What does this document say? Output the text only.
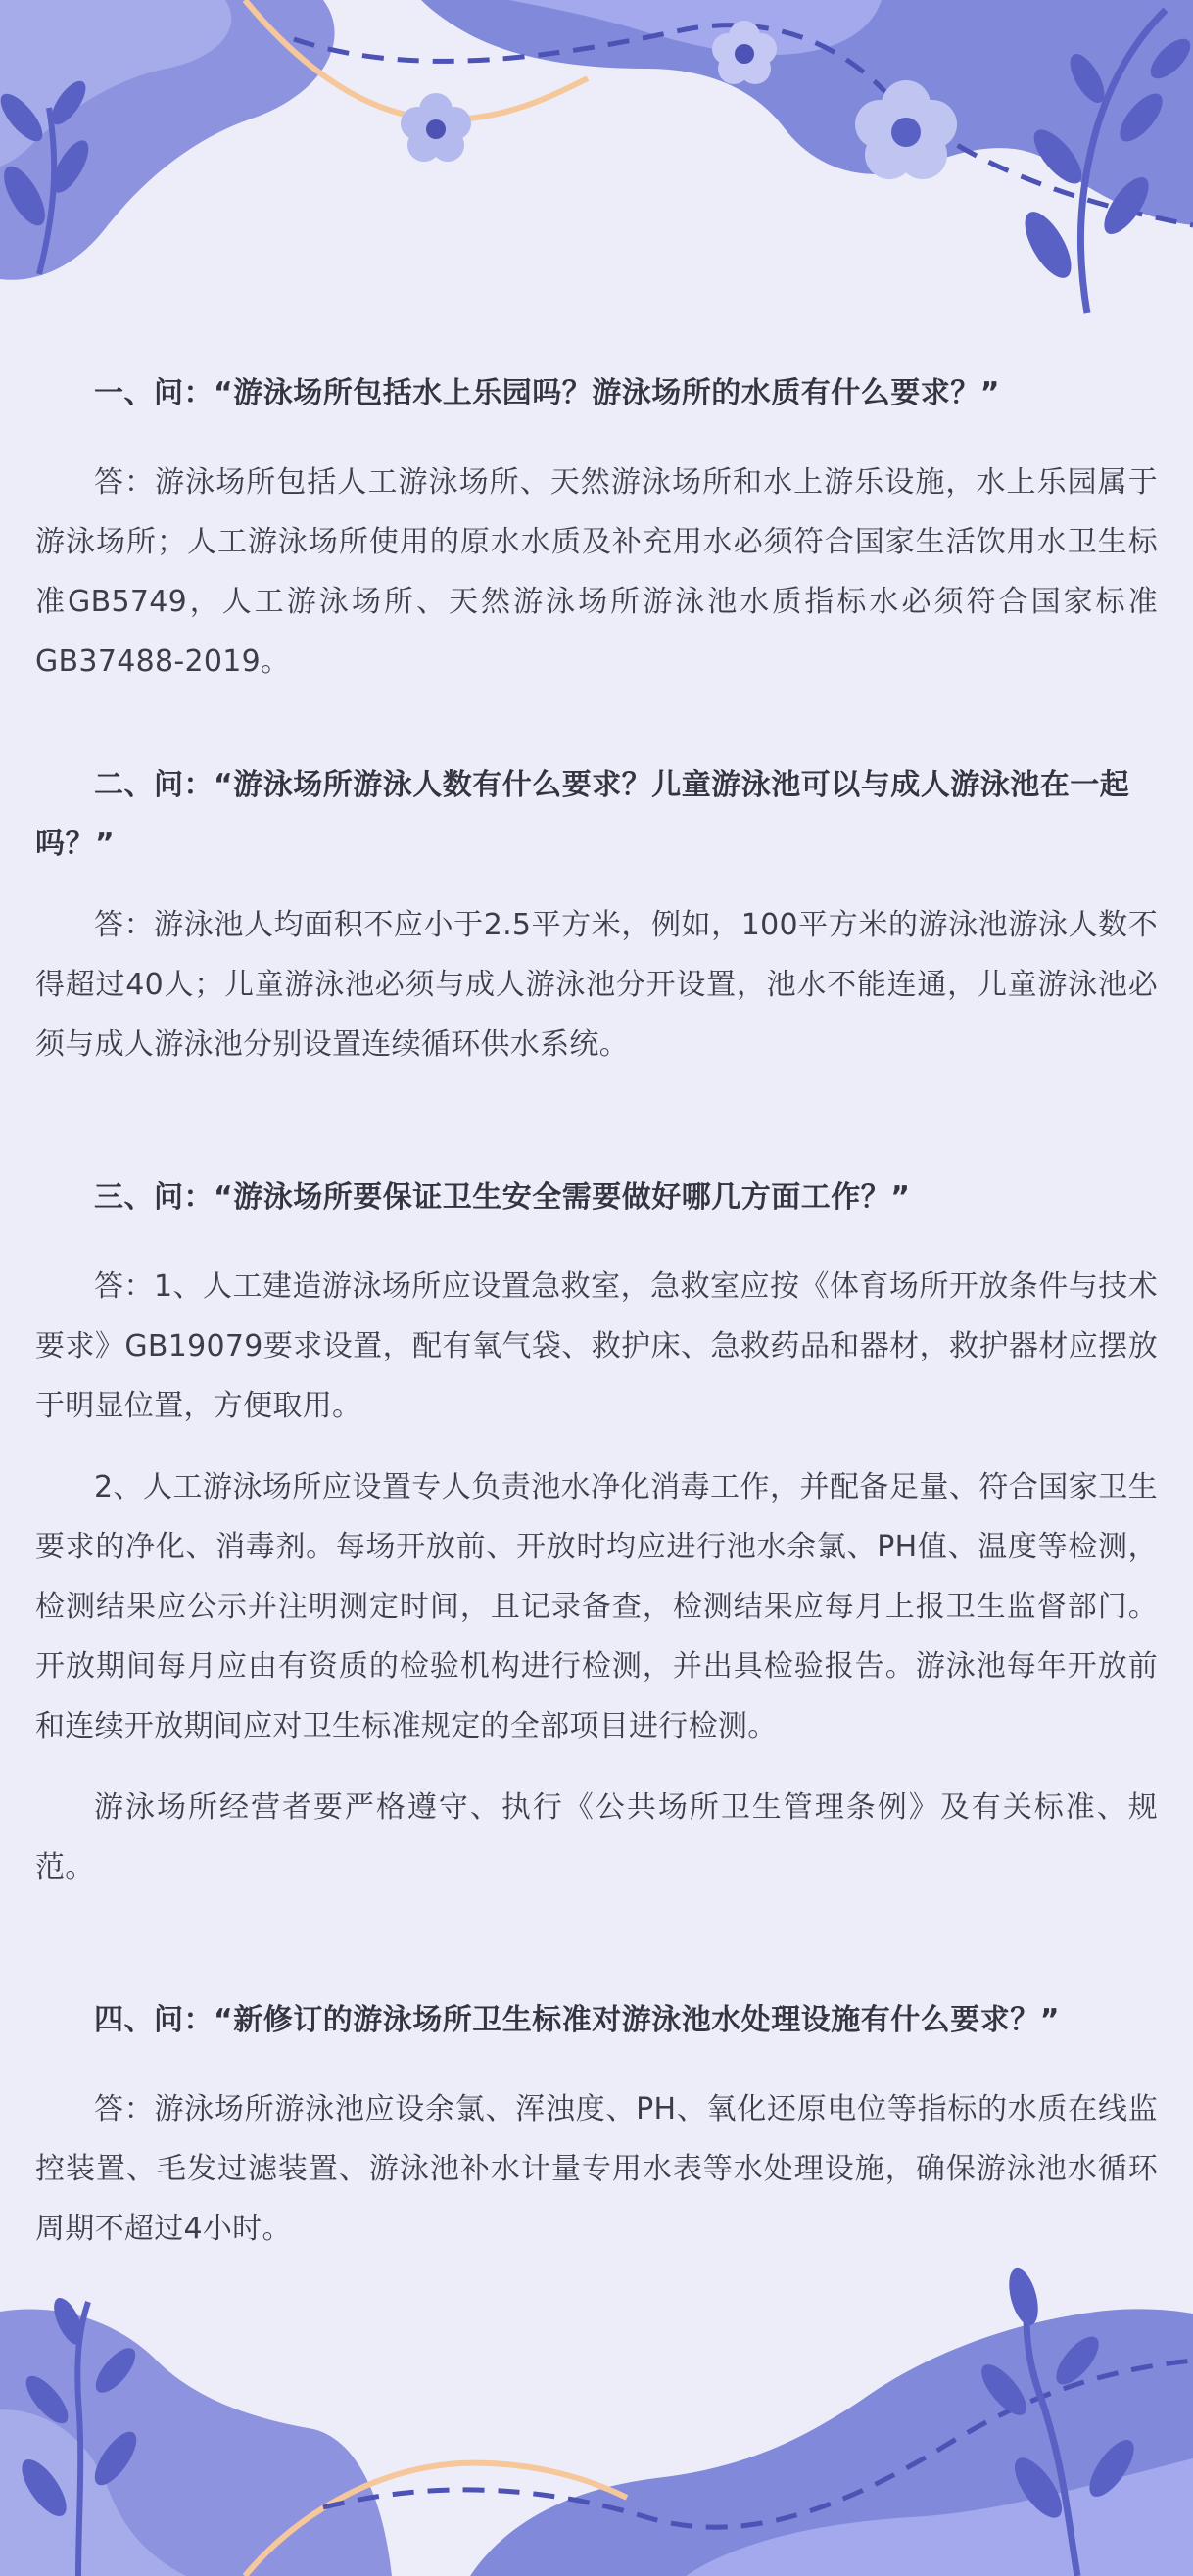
一、问：“游泳场所包括水上乐园吗？游泳场所的水质有什么要求？”

答：游泳场所包括人工游泳场所、天然游泳场所和水上游乐设施，水上乐园属于游泳场所；人工游泳场所使用的原水水质及补充用水必须符合国家生活饮用水卫生标准GB5749，人工游泳场所、天然游泳场所游泳池水质指标水必须符合国家标准GB37488-2019。

二、问：“游泳场所游泳人数有什么要求？儿童游泳池可以与成人游泳池在一起吗？”

答：游泳池人均面积不应小于2.5平方米，例如，100平方米的游泳池游泳人数不得超过40人；儿童游泳池必须与成人游泳池分开设置，池水不能连通，儿童游泳池必须与成人游泳池分别设置连续循环供水系统。

三、问：“游泳场所要保证卫生安全需要做好哪几方面工作？”

答：1、人工建造游泳场所应设置急救室，急救室应按《体育场所开放条件与技术要求》GB19079要求设置，配有氧气袋、救护床、急救药品和器材，救护器材应摆放于明显位置，方便取用。

2、人工游泳场所应设置专人负责池水净化消毒工作，并配备足量、符合国家卫生要求的净化、消毒剂。每场开放前、开放时均应进行池水余氯、PH值、温度等检测，检测结果应公示并注明测定时间，且记录备查，检测结果应每月上报卫生监督部门。开放期间每月应由有资质的检验机构进行检测，并出具检验报告。游泳池每年开放前和连续开放期间应对卫生标准规定的全部项目进行检测。

游泳场所经营者要严格遵守、执行《公共场所卫生管理条例》及有关标准、规范。

四、问：“新修订的游泳场所卫生标准对游泳池水处理设施有什么要求？”

答：游泳场所游泳池应设余氯、浑浊度、PH、氧化还原电位等指标的水质在线监控装置、毛发过滤装置、游泳池补水计量专用水表等水处理设施，确保游泳池水循环周期不超过4小时。
